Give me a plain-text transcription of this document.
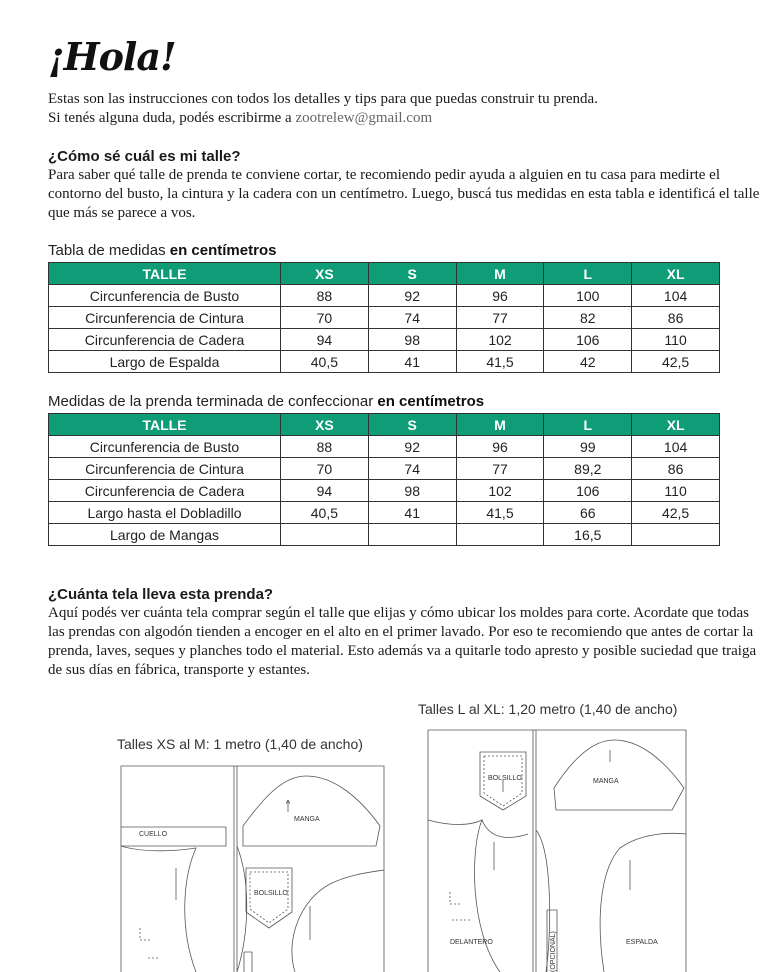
¡Hola!
Estas son las instrucciones con todos los detalles y tips para que puedas construir tu prenda.
Si tenés alguna duda, podés escribirme a zootrelew@gmail.com
¿Cómo sé cuál es mi talle?
Para saber qué talle de prenda te conviene cortar, te recomiendo pedir ayuda a alguien en tu casa para medirte el contorno del busto, la cintura y la cadera con un centímetro. Luego, buscá tus medidas en esta tabla e identificá el talle que más se parece a vos.
Tabla de medidas en centímetros
TALLE	XS	S	M	L	XL
Circunferencia de Busto	88	92	96	100	104
Circunferencia de Cintura	70	74	77	82	86
Circunferencia de Cadera	94	98	102	106	110
Largo de Espalda	40,5	41	41,5	42	42,5
Medidas de la prenda terminada de confeccionar en centímetros
TALLE	XS	S	M	L	XL
Circunferencia de Busto	88	92	96	99	104
Circunferencia de Cintura	70	74	77	89,2	86
Circunferencia de Cadera	94	98	102	106	110
Largo hasta el Dobladillo	40,5	41	41,5	66	42,5
Largo de Mangas				16,5	
¿Cuánta tela lleva esta prenda?
Aquí podés ver cuánta tela comprar según el talle que elijas y cómo ubicar los moldes para corte. Acordate que todas las prendas con algodón tienden a encoger en el alto en el primer lavado. Por eso te recomiendo que antes de cortar la prenda, laves, seques y planches todo el material. Esto además va a quitarle todo apresto y posible suciedad que traiga de sus días en fábrica, transporte y estantes.
Talles L al XL: 1,20 metro (1,40 de ancho)
Talles XS al M: 1 metro (1,40 de ancho)
CUELLO
MANGA
BOLSILLO
BOLSILLO	MANGA
DELANTERO	ESPALDA
(OPCIONAL)
